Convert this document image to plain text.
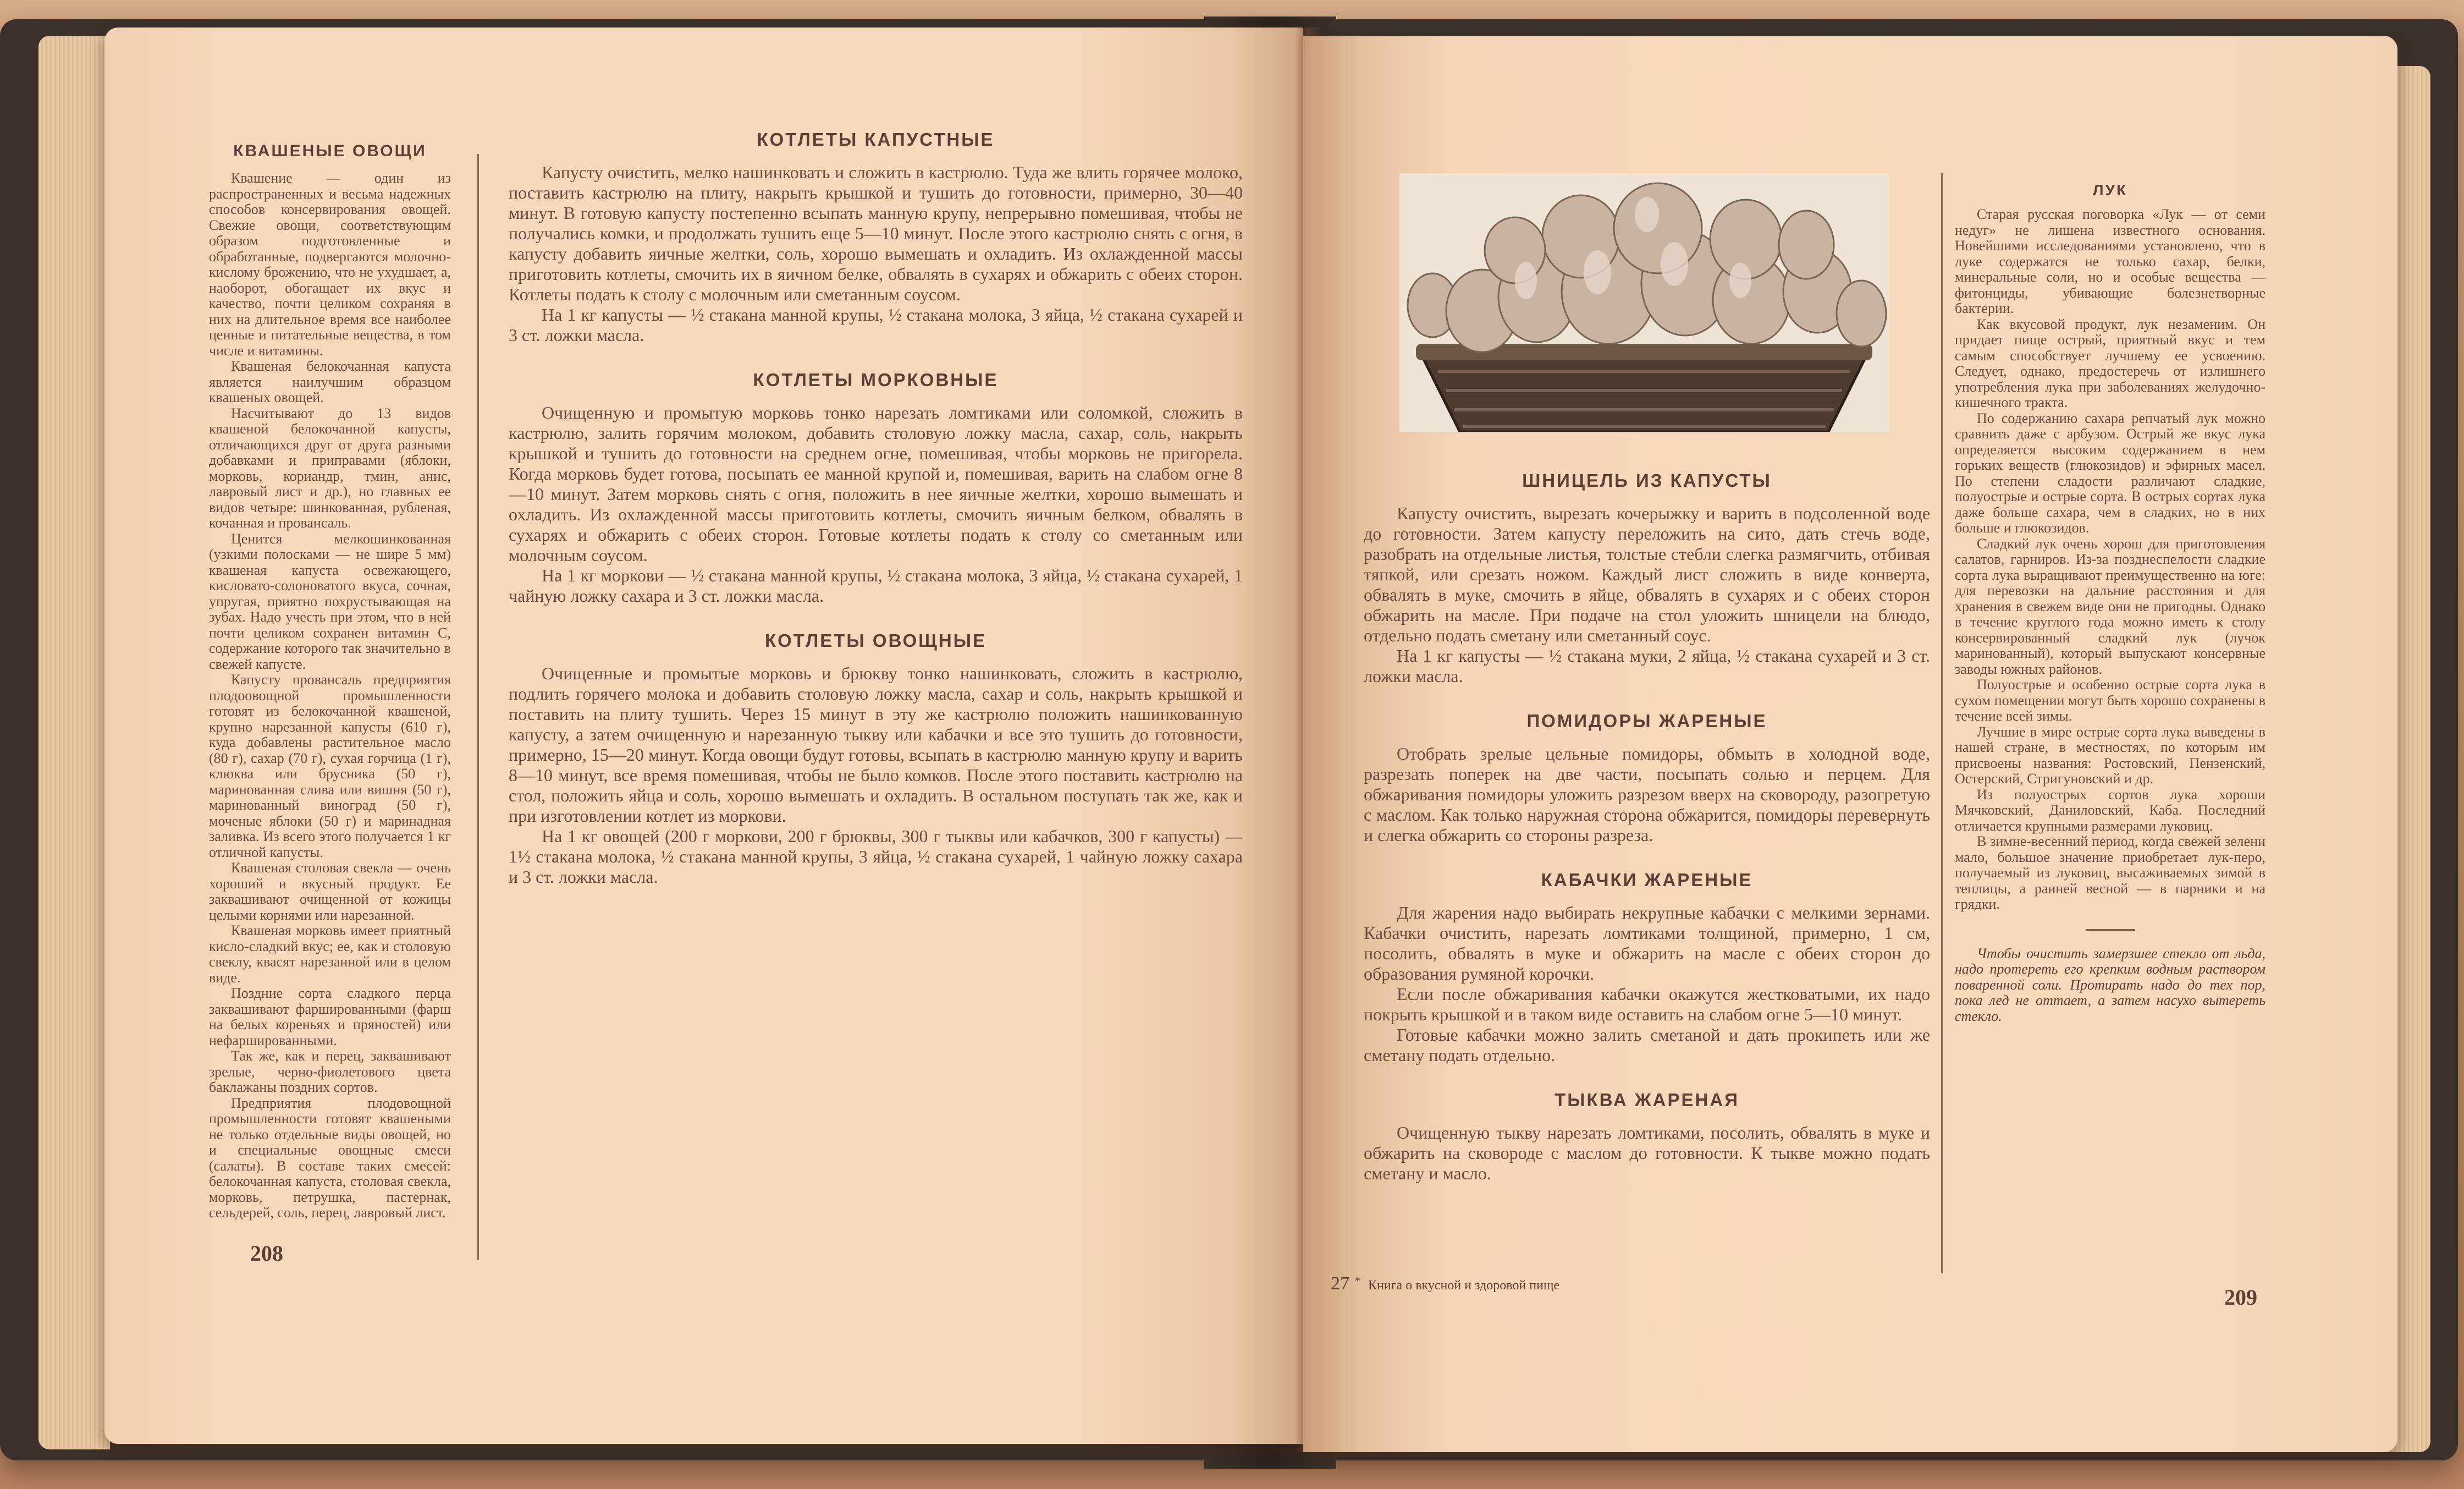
КВАШЕНЫЕ ОВОЩИ

Квашение — один из распространенных и весьма надежных способов консервирования овощей. Свежие овощи, соответствующим образом подготовленные и обработанные, подвергаются молочно-кислому брожению, что не ухудшает, а, наоборот, обогащает их вкус и качество, почти целиком сохраняя в них на длительное время все наиболее ценные и питательные вещества, в том числе и витамины.

Квашеная белокочанная капуста является наилучшим образцом квашеных овощей.

Насчитывают до 13 видов квашеной белокочанной капусты, отличающихся друг от друга разными добавками и приправами (яблоки, морковь, кориандр, тмин, анис, лавровый лист и др.), но главных ее видов четыре: шинкованная, рубленая, кочанная и провансаль.

Ценится мелкошинкованная (узкими полосками — не шире 5 мм) квашеная капуста освежающего, кисловато-солоноватого вкуса, сочная, упругая, приятно похрустывающая на зубах. Надо учесть при этом, что в ней почти целиком сохранен витамин С, содержание которого так значительно в свежей капусте.

Капусту провансаль предприятия плодоовощной промышленности готовят из белокочанной квашеной, крупно нарезанной капусты (610 г), куда добавлены растительное масло (80 г), сахар (70 г), сухая горчица (1 г), клюква или брусника (50 г), маринованная слива или вишня (50 г), маринованный виноград (50 г), моченые яблоки (50 г) и маринадная заливка. Из всего этого получается 1 кг отличной капусты.

Квашеная столовая свекла — очень хороший и вкусный продукт. Ее заквашивают очищенной от кожицы целыми корнями или нарезанной.

Квашеная морковь имеет приятный кисло-сладкий вкус; ее, как и столовую свеклу, квасят нарезанной или в целом виде.

Поздние сорта сладкого перца заквашивают фаршированными (фарш на белых кореньях и пряностей) или нефаршированными.

Так же, как и перец, заквашивают зрелые, черно-фиолетового цвета баклажаны поздних сортов.

Предприятия плодовощной промышленности готовят квашеными не только отдельные виды овощей, но и специальные овощные смеси (салаты). В составе таких смесей: белокочанная капуста, столовая свекла, морковь, петрушка, пастернак, сельдерей, соль, перец, лавровый лист.

КОТЛЕТЫ КАПУСТНЫЕ

Капусту очистить, мелко нашинковать и сложить в кастрюлю. Туда же влить горячее молоко, поставить кастрюлю на плиту, накрыть крышкой и тушить до готовности, примерно, 30—40 минут. В готовую капусту постепенно всыпать манную крупу, непрерывно помешивая, чтобы не получались комки, и продолжать тушить еще 5—10 минут. После этого кастрюлю снять с огня, в капусту добавить яичные желтки, соль, хорошо вымешать и охладить. Из охлажденной массы приготовить котлеты, смочить их в яичном белке, обвалять в сухарях и обжарить с обеих сторон. Котлеты подать к столу с молочным или сметанным соусом.

На 1 кг капусты — ½ стакана манной крупы, ½ стакана молока, 3 яйца, ½ стакана сухарей и 3 ст. ложки масла.

КОТЛЕТЫ МОРКОВНЫЕ

Очищенную и промытую морковь тонко нарезать ломтиками или соломкой, сложить в кастрюлю, залить горячим молоком, добавить столовую ложку масла, сахар, соль, накрыть крышкой и тушить до готовности на среднем огне, помешивая, чтобы морковь не пригорела. Когда морковь будет готова, посыпать ее манной крупой и, помешивая, варить на слабом огне 8—10 минут. Затем морковь снять с огня, положить в нее яичные желтки, хорошо вымешать и охладить. Из охлажденной массы приготовить котлеты, смочить яичным белком, обвалять в сухарях и обжарить с обеих сторон. Готовые котлеты подать к столу со сметанным или молочным соусом.

На 1 кг моркови — ½ стакана манной крупы, ½ стакана молока, 3 яйца, ½ стакана сухарей, 1 чайную ложку сахара и 3 ст. ложки масла.

КОТЛЕТЫ ОВОЩНЫЕ

Очищенные и промытые морковь и брюкву тонко нашинковать, сложить в кастрюлю, подлить горячего молока и добавить столовую ложку масла, сахар и соль, накрыть крышкой и поставить на плиту тушить. Через 15 минут в эту же кастрюлю положить нашинкованную капусту, а затем очищенную и нарезанную тыкву или кабачки и все это тушить до готовности, примерно, 15—20 минут. Когда овощи будут готовы, всыпать в кастрюлю манную крупу и варить 8—10 минут, все время помешивая, чтобы не было комков. После этого поставить кастрюлю на стол, положить яйца и соль, хорошо вымешать и охладить. В остальном поступать так же, как и при изготовлении котлет из моркови.

На 1 кг овощей (200 г моркови, 200 г брюквы, 300 г тыквы или кабачков, 300 г капусты) — 1½ стакана молока, ½ стакана манной крупы, 3 яйца, ½ стакана сухарей, 1 чайную ложку сахара и 3 ст. ложки масла.

208
ШНИЦЕЛЬ ИЗ КАПУСТЫ

Капусту очистить, вырезать кочерыжку и варить в подсоленной воде до готовности. Затем капусту переложить на сито, дать стечь воде, разобрать на отдельные листья, толстые стебли слегка размягчить, отбивая тяпкой, или срезать ножом. Каждый лист сложить в виде конверта, обвалять в муке, смочить в яйце, обвалять в сухарях и с обеих сторон обжарить на масле. При подаче на стол уложить шницели на блюдо, отдельно подать сметану или сметанный соус.

На 1 кг капусты — ½ стакана муки, 2 яйца, ½ стакана сухарей и 3 ст. ложки масла.

ПОМИДОРЫ ЖАРЕНЫЕ

Отобрать зрелые цельные помидоры, обмыть в холодной воде, разрезать поперек на две части, посыпать солью и перцем. Для обжаривания помидоры уложить разрезом вверх на сковороду, разогретую с маслом. Как только наружная сторона обжарится, помидоры перевернуть и слегка обжарить со стороны разреза.

КАБАЧКИ ЖАРЕНЫЕ

Для жарения надо выбирать некрупные кабачки с мелкими зернами. Кабачки очистить, нарезать ломтиками толщиной, примерно, 1 см, посолить, обвалять в муке и обжарить на масле с обеих сторон до образования румяной корочки.

Если после обжаривания кабачки окажутся жестковатыми, их надо покрыть крышкой и в таком виде оставить на слабом огне 5—10 минут.

Готовые кабачки можно залить сметаной и дать прокипеть или же сметану подать отдельно.

ТЫКВА ЖАРЕНАЯ

Очищенную тыкву нарезать ломтиками, посолить, обвалять в муке и обжарить на сковороде с маслом до готовности. К тыкве можно подать сметану и масло.

ЛУК

Старая русская поговорка «Лук — от семи недуг» не лишена известного основания. Новейшими исследованиями установлено, что в луке содержатся не только сахар, белки, минеральные соли, но и особые вещества — фитонциды, убивающие болезнетворные бактерии.

Как вкусовой продукт, лук незаменим. Он придает пище острый, приятный вкус и тем самым способствует лучшему ее усвоению. Следует, однако, предостеречь от излишнего употребления лука при заболеваниях желудочно-кишечного тракта.

По содержанию сахара репчатый лук можно сравнить даже с арбузом. Острый же вкус лука определяется высоким содержанием в нем горьких веществ (глюкозидов) и эфирных масел. По степени сладости различают сладкие, полуострые и острые сорта. В острых сортах лука даже больше сахара, чем в сладких, но в них больше и глюкозидов.

Сладкий лук очень хорош для приготовления салатов, гарниров. Из-за позднеспелости сладкие сорта лука выращивают преимущественно на юге: для перевозки на дальние расстояния и для хранения в свежем виде они не пригодны. Однако в течение круглого года можно иметь к столу консервированный сладкий лук (лучок маринованный), который выпускают консервные заводы южных районов.

Полуострые и особенно острые сорта лука в сухом помещении могут быть хорошо сохранены в течение всей зимы.

Лучшие в мире острые сорта лука выведены в нашей стране, в местностях, по которым им присвоены названия: Ростовский, Пензенский, Остерский, Стригуновский и др.

Из полуострых сортов лука хороши Мячковский, Даниловский, Каба. Последний отличается крупными размерами луковиц.

В зимне-весенний период, когда свежей зелени мало, большое значение приобретает лук-перо, получаемый из луковиц, высаживаемых зимой в теплицы, а ранней весной — в парники и на грядки.

Чтобы очистить замерзшее стекло от льда, надо протереть его крепким водным раствором поваренной соли. Протирать надо до тех пор, пока лед не оттает, а затем насухо вытереть стекло.

27 * Книга о вкусной и здоровой пище	209
